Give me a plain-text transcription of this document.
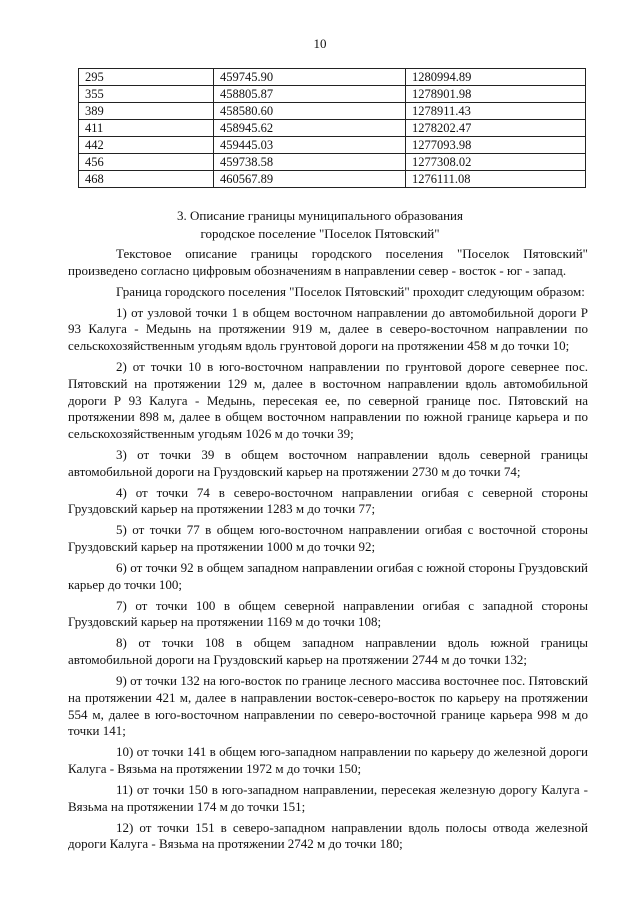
10
295	459745.90	1280994.89
355	458805.87	1278901.98
389	458580.60	1278911.43
411	458945.62	1278202.47
442	459445.03	1277093.98
456	459738.58	1277308.02
468	460567.89	1276111.08
3. Описание границы муниципального образования
городское поселение "Поселок Пятовский"

Текстовое описание границы городского поселения "Поселок Пятовский" произведено согласно цифровым обозначениям в направлении север - восток - юг - запад.

Граница городского поселения "Поселок Пятовский" проходит следующим образом:

1) от узловой точки 1 в общем восточном направлении до автомобильной дороги Р 93 Калуга - Медынь на протяжении 919 м, далее в северо-восточном направлении по сельскохозяйственным угодьям вдоль грунтовой дороги на протяжении 458 м до точки 10;

2) от точки 10 в юго-восточном направлении по грунтовой дороге севернее пос. Пятовский на протяжении 129 м, далее в восточном направлении вдоль автомобильной дороги Р 93 Калуга - Медынь, пересекая ее, по северной границе пос. Пятовский на протяжении 898 м, далее в общем восточном направлении по южной границе карьера и по сельскохозяйственным угодьям 1026 м до точки 39;

3) от точки 39 в общем восточном направлении вдоль северной границы автомобильной дороги на Груздовский карьер на протяжении 2730 м до точки 74;

4) от точки 74 в северо-восточном направлении огибая с северной стороны Груздовский карьер на протяжении 1283 м до точки 77;

5) от точки 77 в общем юго-восточном направлении огибая с восточной стороны Груздовский карьер на протяжении 1000 м до точки 92;

6) от точки 92 в общем западном направлении огибая с южной стороны Груздовский карьер до точки 100;

7) от точки 100 в общем северной направлении огибая с западной стороны Груздовский карьер на протяжении 1169 м до точки 108;

8) от точки 108 в общем западном направлении вдоль южной границы автомобильной дороги на Груздовский карьер на протяжении 2744 м до точки 132;

9) от точки 132 на юго-восток по границе лесного массива восточнее пос. Пятовский на протяжении 421 м, далее в направлении восток-северо-восток по карьеру на протяжении 554 м, далее в юго-восточном направлении по северо-восточной границе карьера 998 м до точки 141;

10) от точки 141 в общем юго-западном направлении по карьеру до железной дороги Калуга - Вязьма на протяжении 1972 м до точки 150;

11) от точки 150 в юго-западном направлении, пересекая железную дорогу Калуга - Вязьма на протяжении 174 м до точки 151;

12) от точки 151 в северо-западном направлении вдоль полосы отвода железной дороги Калуга - Вязьма на протяжении 2742 м до точки 180;
